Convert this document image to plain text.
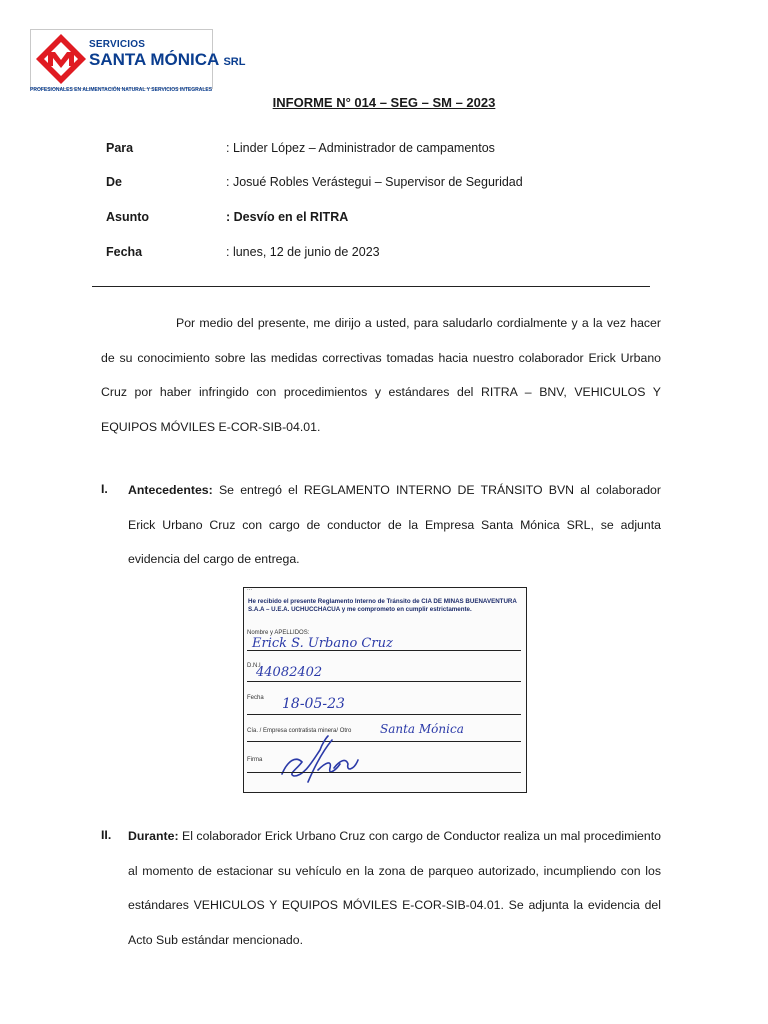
SERVICIOS
SANTA MÓNICA SRL
PROFESIONALES EN ALIMENTACIÓN NATURAL Y SERVICIOS INTEGRALES
INFORME N° 014 – SEG – SM – 2023
Para	: Linder López – Administrador de campamentos
De	: Josué Robles Verástegui – Supervisor de Seguridad
Asunto	: Desvío en el RITRA
Fecha	: lunes, 12 de junio de 2023
Por medio del presente, me dirijo a usted, para saludarlo cordialmente y a la vez hacer de su conocimiento sobre las medidas correctivas tomadas hacia nuestro colaborador Erick Urbano Cruz por haber infringido con procedimientos y estándares del RITRA – BNV, VEHICULOS Y EQUIPOS MÓVILES E-COR-SIB-04.01.
I. Antecedentes: Se entregó el REGLAMENTO INTERNO DE TRÁNSITO BVN al colaborador Erick Urbano Cruz con cargo de conductor de la Empresa Santa Mónica SRL, se adjunta evidencia del cargo de entrega.
...
He recibido el presente Reglamento Interno de Tránsito de CIA DE MINAS BUENAVENTURA S.A.A – U.E.A. UCHUCCHACUA y me comprometo en cumplir estrictamente.
Nombre y APELLIDOS:
Erick S. Urbano Cruz
D.N.I.
44082402
Fecha 18-05-23
Cía. / Empresa contratista minera/ Otro Santa Mónica
Firma
II. Durante: El colaborador Erick Urbano Cruz con cargo de Conductor realiza un mal procedimiento al momento de estacionar su vehículo en la zona de parqueo autorizado, incumpliendo con los estándares VEHICULOS Y EQUIPOS MÓVILES E-COR-SIB-04.01. Se adjunta la evidencia del Acto Sub estándar mencionado.
